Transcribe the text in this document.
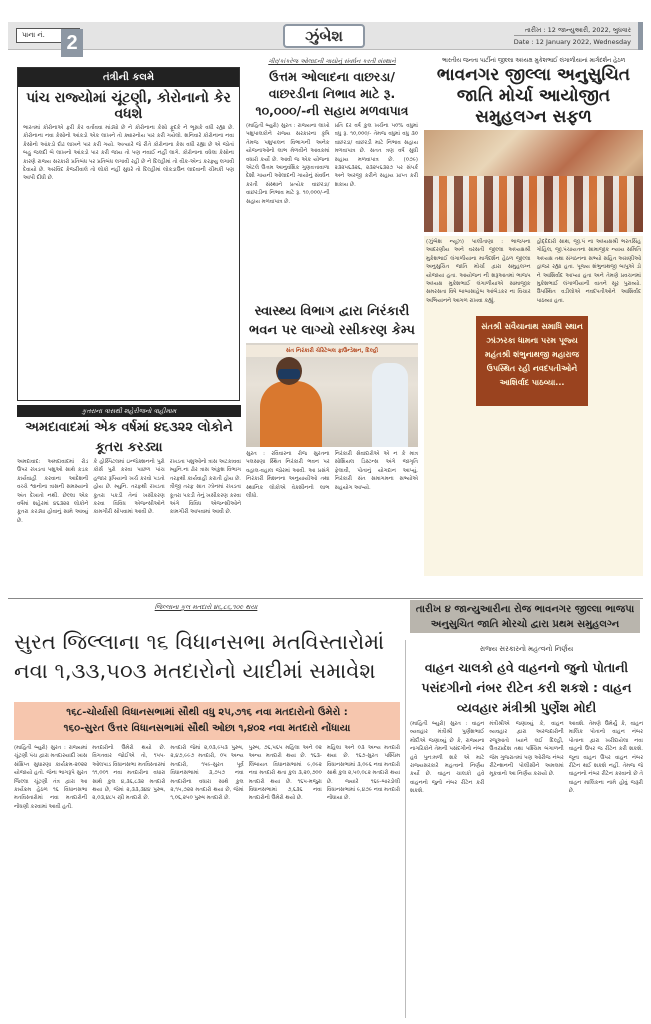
પાના નં. 2	ઝુંબેશ	તારીખ : 12 જાન્યુઆરી, 2022, બુધવાર
Date : 12 January 2022, Wednesday
તંત્રીની કલમે
પાંચ રાજ્યોમાં ચૂંટણી, કોરોનાનો કેર વધશે
ભારતમાં કોરોનાએ ફરી કેર વર્તાવવા માંડ્યો છે ને કોરોનાના કેસો ફૂદકે ને ભૂસકે વધી રહ્યા છે. કોરોનાના નવા કેસોનો આંકડો એક લાખને તો ક્યારનોય પાર કરી ગયેલો. શનિવારે કોરોનાના નવા કેસોનો આંકડો દોઢ લાખને પાર કરી ગયો. અત્યારે જે રીતે કોરોનાના કેસ વધી રહ્યા છે એ જોતાં બહુ જલદી બે લાખનો આંકડો પાર કરી જાય તો પણ નવાઈ નહીં લાગે. કોરોનાના વધેલા કેસોના કારણે રાજ્ય સરકારો પ્રતિબંધ પર પ્રતિબંધ લગાવી રહી છે ને દિલ્હીમાં તો વીક-એન્ડ કરફ્યુ લગાવી દેવાયો છે. અરવિંદ કેજરીવાલે તો લોકો નહીં સુધરે તો દિલ્હીમાં લોકડાઉન લાદવાની ચીમકી પણ આપી દીધી છે.
ગીર/કાંકરેજ ઓલાદની ગાયોનું સંવર્ધન કરતી સંસ્થાને
ઉત્તમ ઓલાદના વાછરડા/વાછરડીના નિભાવ માટે રૂ. ૧૦,૦૦૦/-ની સહાય મળવાપાત્ર
(માહિતી બ્યુરો) સુરત : રાજ્યના લાખો પશુપાલકોને રાજ્ય સરકારના કૃષિ તેમજ પશુપાલન વિભાગની અનેક યોજનાઓનો લાભ મેળવીને આવકમાં વધારો કર્યો છે. આવી જ એક યોજના એટલે ઉત્તમ આનુવંશિક ગુણવત્તાવાળા દેશી ગાયની ઓલાદની ગાયોનું સંવર્ધન કરતી સંસ્થાને પ્રત્યેક વાછરડા/ વાછરડીના નિભાવ માટે રૂ. ૧૦,૦૦૦/-ની સહાય મળવાપાત્ર છે.
પ્રતિ દર વર્ષ કુલ ખર્ચના ૫૦% વધુમાં વધુ રૂ. ૧૦,૦૦૦/- તેમજ વધુમાં વધુ ૩૦ વાછરડા/ વાછરડી માટે નિભાવ સહાય મળવાપાત્ર છે. સતત ત્રણ વર્ષ સુધી સહાય મળવાપાત્ર છે. (૦૭૯) ૨૩૨૫૬૩૨૬, ૨૩૨૫૬૩૨૭ પર સંપર્ક અને અરજી કરીને સહાય પ્રાપ્ત કરી શકાય છે.
સ્વાસ્થ્ય વિભાગ દ્વારા નિરંકારી ભવન પર લાગ્યો રસીકરણ કેમ્પ
સંત નિરંકારી ચેરિટેબલ ફાઉન્ડેશન, દિલ્હી
સુરત : રવિવારના રોજ સુરતના પલસાણા સ્થિત નિરંકારી ભવન પર વહાલ-વહાલ જોરમાં આવી. આ પ્રસંગે નિરંકારી મિશનના અનુયાયીઓ તથા સ્થાનિક લોકોએ વેક્સીનનો લાભ લીધો.
નિરંકારી સેવાદારોએ એ ન કે માત્ર સોશિયલ ડિસ્ટન્સ અંગે જાગૃતિ ફેલાવી, પોતાનું યોગદાન આપ્યું. નિરંકારી સંત સમાગમના સભ્યોએ સહયોગ આપ્યો.
ભારતીય જનતા પાર્ટીનાં જીલ્લા અધ્યક્ષ મુકેશભાઈ લંગાળીયાનાં માર્ગદર્શન હેઠળ
ભાવનગર જીલ્લા અનુસુચિત જાતિ મોર્ચા આયોજીત સમુહલગ્ન સફળ
(ઝુંબેશ ન્યૂઝ) પાલીતાણા : ભાજપના આદરણીય અને વરસતી જીલ્લા અધ્યક્ષશ્રી મુકેશભાઈ લંગાળીયાના માર્ગદર્શન હેઠળ જીલ્લા અનુસુચિત જાતિ મોર્ચા દ્વારા સમુહલગ્ન યોજાયા હતા. આયોજન ની શરૂઆતમાં ભાજપ અધ્યક્ષ મુકેશભાઈ લંગાળીયાએ સામાજીક સમરસતા વિષે બાબાસાહેબ આંબેડકર ના વિચાર અભિયાનને આગળ રાખવા કહ્યું.
હોદ્દેદારો સાથ, જી.પં ના અધ્યક્ષશ્રી ભરતસિંહ ગોહિલ, જી.પંચાયતના સામાજીક ન્યાય સમિતિ અધ્યક્ષ તથા સંગઠનના સભ્યો સહિત અગ્રણીઓ હાજર રહ્યા હતા. પૂજ્ય શંભુનાથજી બાપુએ ડો ને આશિર્વાદ આપ્યા હતા અને તેમણે પ્રવચનમાં મુકેશભાઈ લંગાળીયાની વાતને સૂર પુરાવ્યો. ઉપસ્થિત વડીલોએ નવદંપતીઓને આશિર્વાદ પાઠવ્યા હતા.
સંતશ્રી સવૈયાનાથ સમાધિ સ્થાન ઝાંઝરકા ધામના પરમ પૂજ્ય મહંતશ્રી શંભુનાથજી મહારાજ ઉપસ્થિત રહી નવદંપતીઓને આશિર્વાદ પાઠવ્યા...
તારીખ ૪ જાન્યુઆરીના રોજ ભાવનગર જીલ્લા ભાજપા અનુસુચિત જાતિ મોરચો દ્વારા પ્રથમ સમુહલગ્ન
કુતરાના ત્રાસથી શહેરીજનો ત્રાહીમામ
અમદાવાદમાં એક વર્ષમાં ૪૬૩૨૨ લોકોને કૂતરા કરડ્યા
અમદાવાદ: અમદાવાદમાં રોડ ઉપર રખડતા પશુઓ સાથે કડક કાર્યવાહી કરવાના આદેશની વચ્ચે શ્વાનોના ત્રાસની સમસ્યાનો અંત દેખાતો નથી. છેલ્લા એક વર્ષમાં શહેરમાં ૪૬૩૨૨ લોકોને કૂતરા કરડ્યા હોવાનું સામે આવ્યું છે.
કે હોસ્પિટલમાં ઇન્જેક્શનનો પુરો કોર્સ પુરો કરવા પાછળ પાંચ હજાર રૂપિયાનો ખર્ચ કરવો પડતો હોય છે. મ્યુનિ. તરફથી રખડતા કૂતરા પકડી તેનાં ખસીકરણ કરવા વિવિધ એજન્સીઓને કામગીરી સોંપવામાં આવી છે.
રખડતા પશુઓનો ત્રાસ અટકાવવા મ્યુનિ.ના ઢોર ત્રાસ અંકુશ વિભાગ તરફથી કાર્યવાહી કરાતી હોય છે. ત્રીજી તરફ સાત ઝોનમાં રખડતા કૂતરા પકડી તેનું ખસીકરણ કરવા અંગે વિવિધ એજન્સીઓને કામગીરી આપવામાં આવી છે.
જિલ્લાના કુલ મતદારો ૪૬,૮૬,૧૦૯ થયા
સુરત જિલ્લાના ૧૬ વિધાનસભા મતવિસ્તારોમાં
નવા ૧,૩૩,૫૦૩ મતદારોનો યાદીમાં સમાવેશ
૧૬૮-ચોર્યાસી વિધાનસભામાં સૌથી વધુ ૨૫,૭૧૬ નવા મતદારોનો ઉમેરો :
૧૬૦-સુરત ઉત્તર વિધાનસભામાં સૌથી ઓછા ૧,૪૦૨ નવા મતદારો નોંધાયા
(માહિતી બ્યુરો) સુરત : રાજ્યમાં ચૂંટણી પંચ દ્વારા મતદારયાદી ખાસ સંક્ષિપ્ત સુધારણા કાર્યક્રમ-૨૦૨૨ યોજાયો હતો. જેના ભાગરૂપે સુરત જિલ્લા ચૂંટણી તંત્ર દ્વારા આ કાર્યક્રમ હેઠળ ૧૬ વિધાનસભા મતવિસ્તારોમાં નવા મતદારોની નોંધણી કરવામાં આવી હતી.
મતદારોનો ઉમેરો થયો છે. વિગતવાર જોઈએ તો, ૧૫૫-ઓલપાડ વિધાનસભા મતવિસ્તારમાં ૧૧,૦૦૧ નવા મતદારોના વધારા સાથે કુલ ૪,૩૬,૮૩૨ મતદારો થયા છે, જેમાં ૨,૩૩,૩૪૪ પુરુષ, ૨,૦૩,૪૮૫ સ્ત્રી મતદારો છે.
મતદારો જેમાં ૨,૦૩,૯૫૩ પુરુષ, ૨,૪૭,૯૯૭ મતદારો, ૦૫ અન્ય મતદારો, ૧૫૯-સુરત પૂર્વ વિધાનસભામાં ૩,૭૫૭ નવા મતદારોના વધારા સાથે કુલ ૨,૧૫,૭૨૨ મતદારો થયા છે, જેમાં ૧,૦૬,૨૫૦ પુરુષ મતદારો છે.
પુરુષ, ૭૬,૫૬૫ મહિલા અને ૦૨ અન્ય મતદારો થયા છે. ૧૬૩-લિંબાયત વિધાનસભામાં ૯,૦૯૨ નવા મતદારો થતા કુલ ૩,૨૦,૭૦૦ મતદારો થયા છે. ૧૬૫-મજુરા વિધાનસભામાં ૭,૬૩૬ નવા મતદારોનો ઉમેરો થયો છે.
મહિલા અને ૦૩ અન્ય મતદારો થયા છે. ૧૬૭-સુરત પશ્ચિમ વિધાનસભામાં ૩,૦૯૬ નવા મતદારો સાથે કુલ ૨,૫૦,૦૮૨ મતદારો થયા છે. જ્યારે ૧૬૯-બારડોલી વિધાનસભામાં ૯,૪૭૯ નવા મતદારો નોંધાયા છે.
રાજ્ય સરકારનો મહત્વનો નિર્ણય
વાહન ચાલકો હવે વાહનનો જુનો પોતાની પસંદગીનો નંબર રીટેન કરી શકશે : વાહન વ્યવહાર મંત્રીશ્રી પુર્ણેશ મોદી
(માહિતી બ્યુરો) સુરત : વાહન વ્યવહાર મંત્રીશ્રી પુર્ણેશભાઈ મોદીએ જણાવ્યું છે કે, રાજ્યના નાગરિકોને તેમની પસંદગીનો નંબર હવે પુન:મળી શકે એ માટે રાજ્યસરકારે મહત્વનો નિર્ણય કર્યો છે. વાહન ચાલકો હવે વાહનનો જુનો નંબર રીટેન કરી શકશે.
મંત્રીશ્રીએ જણાવ્યું કે, વાહન વ્યવહાર દ્વારા અરજદારોની રજૂઆતો ધ્યાને લઈ દિલ્હી, ઉત્તરપ્રદેશ તથા પશ્ચિમ બંગાળની જેમ ગુજરાતમાં પણ ઓરીજ નંબર રીટેન્શનની પોલીસીને અમલમાં મૂકવાનો આ નિર્ણય કરાયો છે.
આવશે. તેમણે ઉમેર્યું કે, વાહન માલિક પોતાનો વાહન નંબર પોતાના દ્વારા ખરીદાયેલા નવા વાહનો ઉપર જ રીટેન કરી શકશે. જૂના વાહન ઉપર વાહન નંબર રીટેન થઈ શકશે નહીં. તેમજ જે વાહનનો નંબર રીટેન કરવાનો છે તે વાહન માલિકના નામે હોવું જરૂરી છે.
